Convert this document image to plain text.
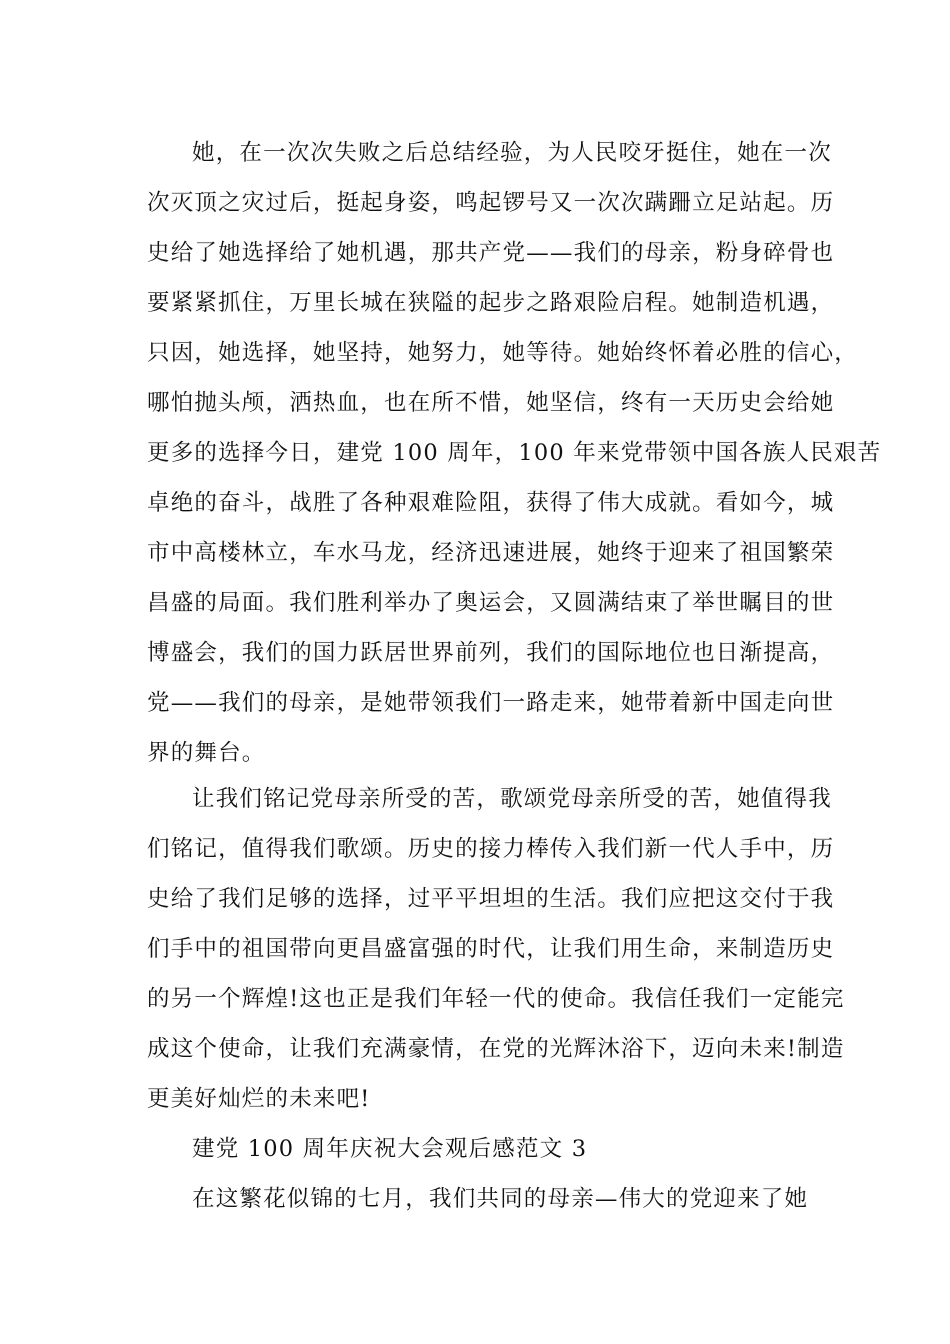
她，在一次次失败之后总结经验，为人民咬牙挺住，她在一次
次灭顶之灾过后，挺起身姿，鸣起锣号又一次次蹒跚立足站起。历
史给了她选择给了她机遇，那共产党——我们的母亲，粉身碎骨也
要紧紧抓住，万里长城在狭隘的起步之路艰险启程。她制造机遇，
只因，她选择，她坚持，她努力，她等待。她始终怀着必胜的信心，
哪怕抛头颅，洒热血，也在所不惜，她坚信，终有一天历史会给她
更多的选择今日，建党 100 周年，100 年来党带领中国各族人民艰苦
卓绝的奋斗，战胜了各种艰难险阻，获得了伟大成就。看如今，城
市中高楼林立，车水马龙，经济迅速进展，她终于迎来了祖国繁荣
昌盛的局面。我们胜利举办了奥运会，又圆满结束了举世瞩目的世
博盛会，我们的国力跃居世界前列，我们的国际地位也日渐提高，
党——我们的母亲，是她带领我们一路走来，她带着新中国走向世
界的舞台。
让我们铭记党母亲所受的苦，歌颂党母亲所受的苦，她值得我
们铭记，值得我们歌颂。历史的接力棒传入我们新一代人手中，历
史给了我们足够的选择，过平平坦坦的生活。我们应把这交付于我
们手中的祖国带向更昌盛富强的时代，让我们用生命，来制造历史
的另一个辉煌!这也正是我们年轻一代的使命。我信任我们一定能完
成这个使命，让我们充满豪情，在党的光辉沐浴下，迈向未来!制造
更美好灿烂的未来吧!
建党 100 周年庆祝大会观后感范文 3
在这繁花似锦的七月，我们共同的母亲—伟大的党迎来了她
